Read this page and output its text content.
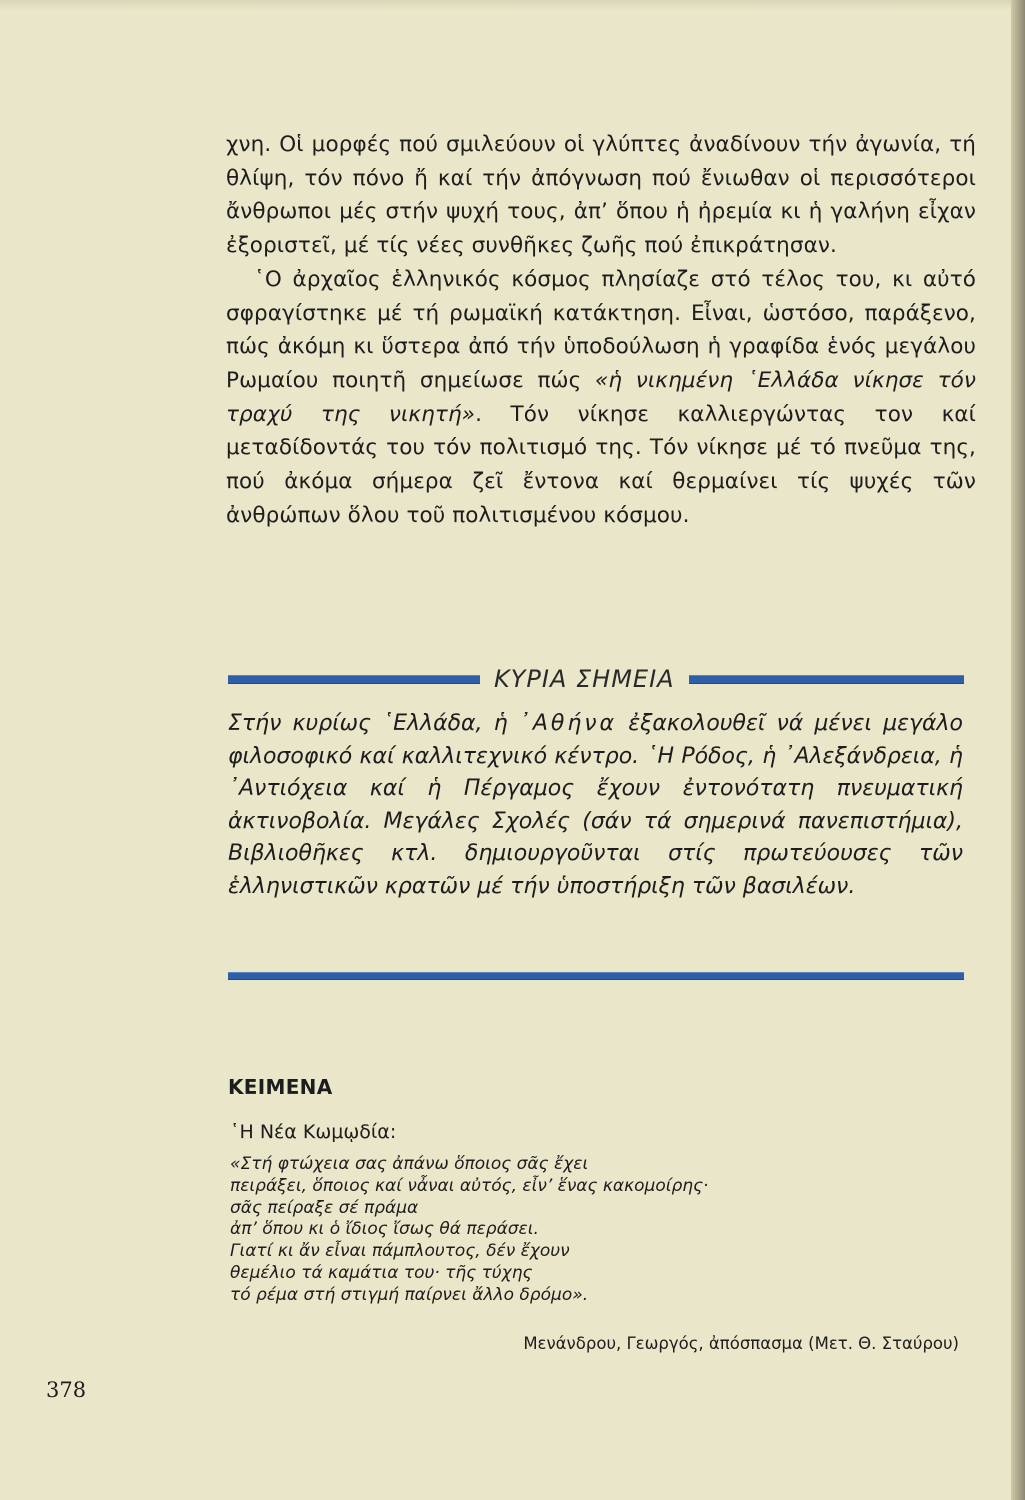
χνη. Οἱ μορφές πού σμιλεύουν οἱ γλύπτες ἀναδίνουν τήν ἀγωνία, τή θλίψη, τόν πόνο ἤ καί τήν ἀπόγνωση πού ἔνιωθαν οἱ περισσότεροι ἄνθρωποι μές στήν ψυχή τους, ἀπ’ ὅπου ἡ ἠρεμία κι ἡ γαλήνη εἶχαν ἐξοριστεῖ, μέ τίς νέες συνθῆκες ζωῆς πού ἐπικράτησαν.

῾Ο ἀρχαῖος ἑλληνικός κόσμος πλησίαζε στό τέλος του, κι αὐτό σφραγίστηκε μέ τή ρωμαϊκή κατάκτηση. Εἶναι, ὡστόσο, παράξενο, πώς ἀκόμη κι ὕστερα ἀπό τήν ὑποδούλωση ἡ γραφίδα ἑνός μεγάλου Ρωμαίου ποιητῆ σημείωσε πώς «ἡ νικημένη ῾Ελλάδα νίκησε τόν τραχύ της νικητή». Τόν νίκησε καλλιεργώντας τον καί μεταδίδοντάς του τόν πολιτισμό της. Τόν νίκησε μέ τό πνεῦμα της, πού ἀκόμα σήμερα ζεῖ ἔντονα καί θερμαίνει τίς ψυχές τῶν ἀνθρώπων ὅλου τοῦ πολιτισμένου κόσμου.

ΚΥΡΙΑ ΣΗΜΕΙΑ
Στήν κυρίως ῾Ελλάδα, ἡ ᾿Αθήνα ἐξακολουθεῖ νά μένει μεγάλο φιλοσοφικό καί καλλιτεχνικό κέντρο. ῾Η Ρόδος, ἡ ᾿Αλεξάνδρεια, ἡ ᾿Αντιόχεια καί ἡ Πέργαμος ἔχουν ἐντονότατη πνευματική ἀκτινοβολία. Μεγάλες Σχολές (σάν τά σημερινά πανεπιστήμια), Βιβλιοθῆκες κτλ. δημιουργοῦνται στίς πρωτεύουσες τῶν ἑλληνιστικῶν κρατῶν μέ τήν ὑποστήριξη τῶν βασιλέων.
ΚΕΙΜΕΝΑ
῾Η Νέα Κωμῳδία:
«Στή φτώχεια σας ἀπάνω ὅποιος σᾶς ἔχει
πειράξει, ὅποιος καί νἆναι αὐτός, εἶν’ ἕνας κακομοίρης·
σᾶς πείραξε σέ πράμα
ἀπ’ ὅπου κι ὁ ἴδιος ἴσως θά περάσει.
Γιατί κι ἄν εἶναι πάμπλουτος, δέν ἔχουν
θεμέλιο τά καμάτια του· τῆς τύχης
τό ρέμα στή στιγμή παίρνει ἄλλο δρόμο».
Μενάνδρου, Γεωργός, ἀπόσπασμα (Μετ. Θ. Σταύρου)
378
